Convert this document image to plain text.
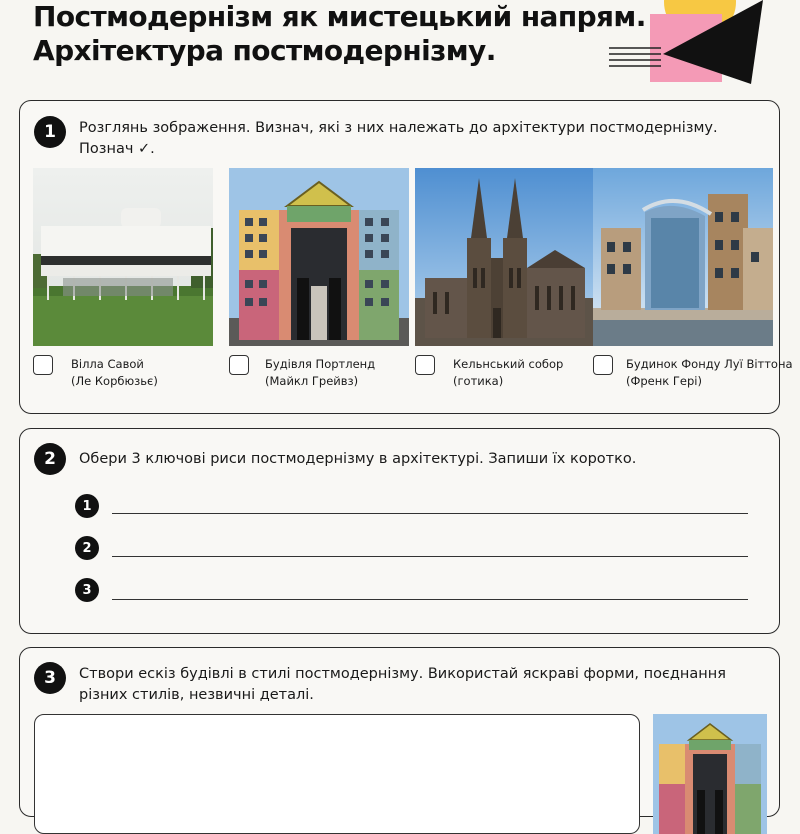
Постмодернізм як мистецький напрям.
Архітектура постмодернізму.
1	Розглянь зображення. Визнач, які з них належать до архітектури постмодернізму.
Познач ✓.
Вілла Савой
(Ле Корбюзьє)
Будівля Портленд
(Майкл Грейвз)
Кельнський собор
(готика)
Будинок Фонду Луї Віттона
(Френк Гері)
2	Обери 3 ключові риси постмодернізму в архітектурі. Запиши їх коротко.
1
2
3
3	Створи ескіз будівлі в стилі постмодернізму. Використай яскраві форми, поєднання
різних стилів, незвичні деталі.
